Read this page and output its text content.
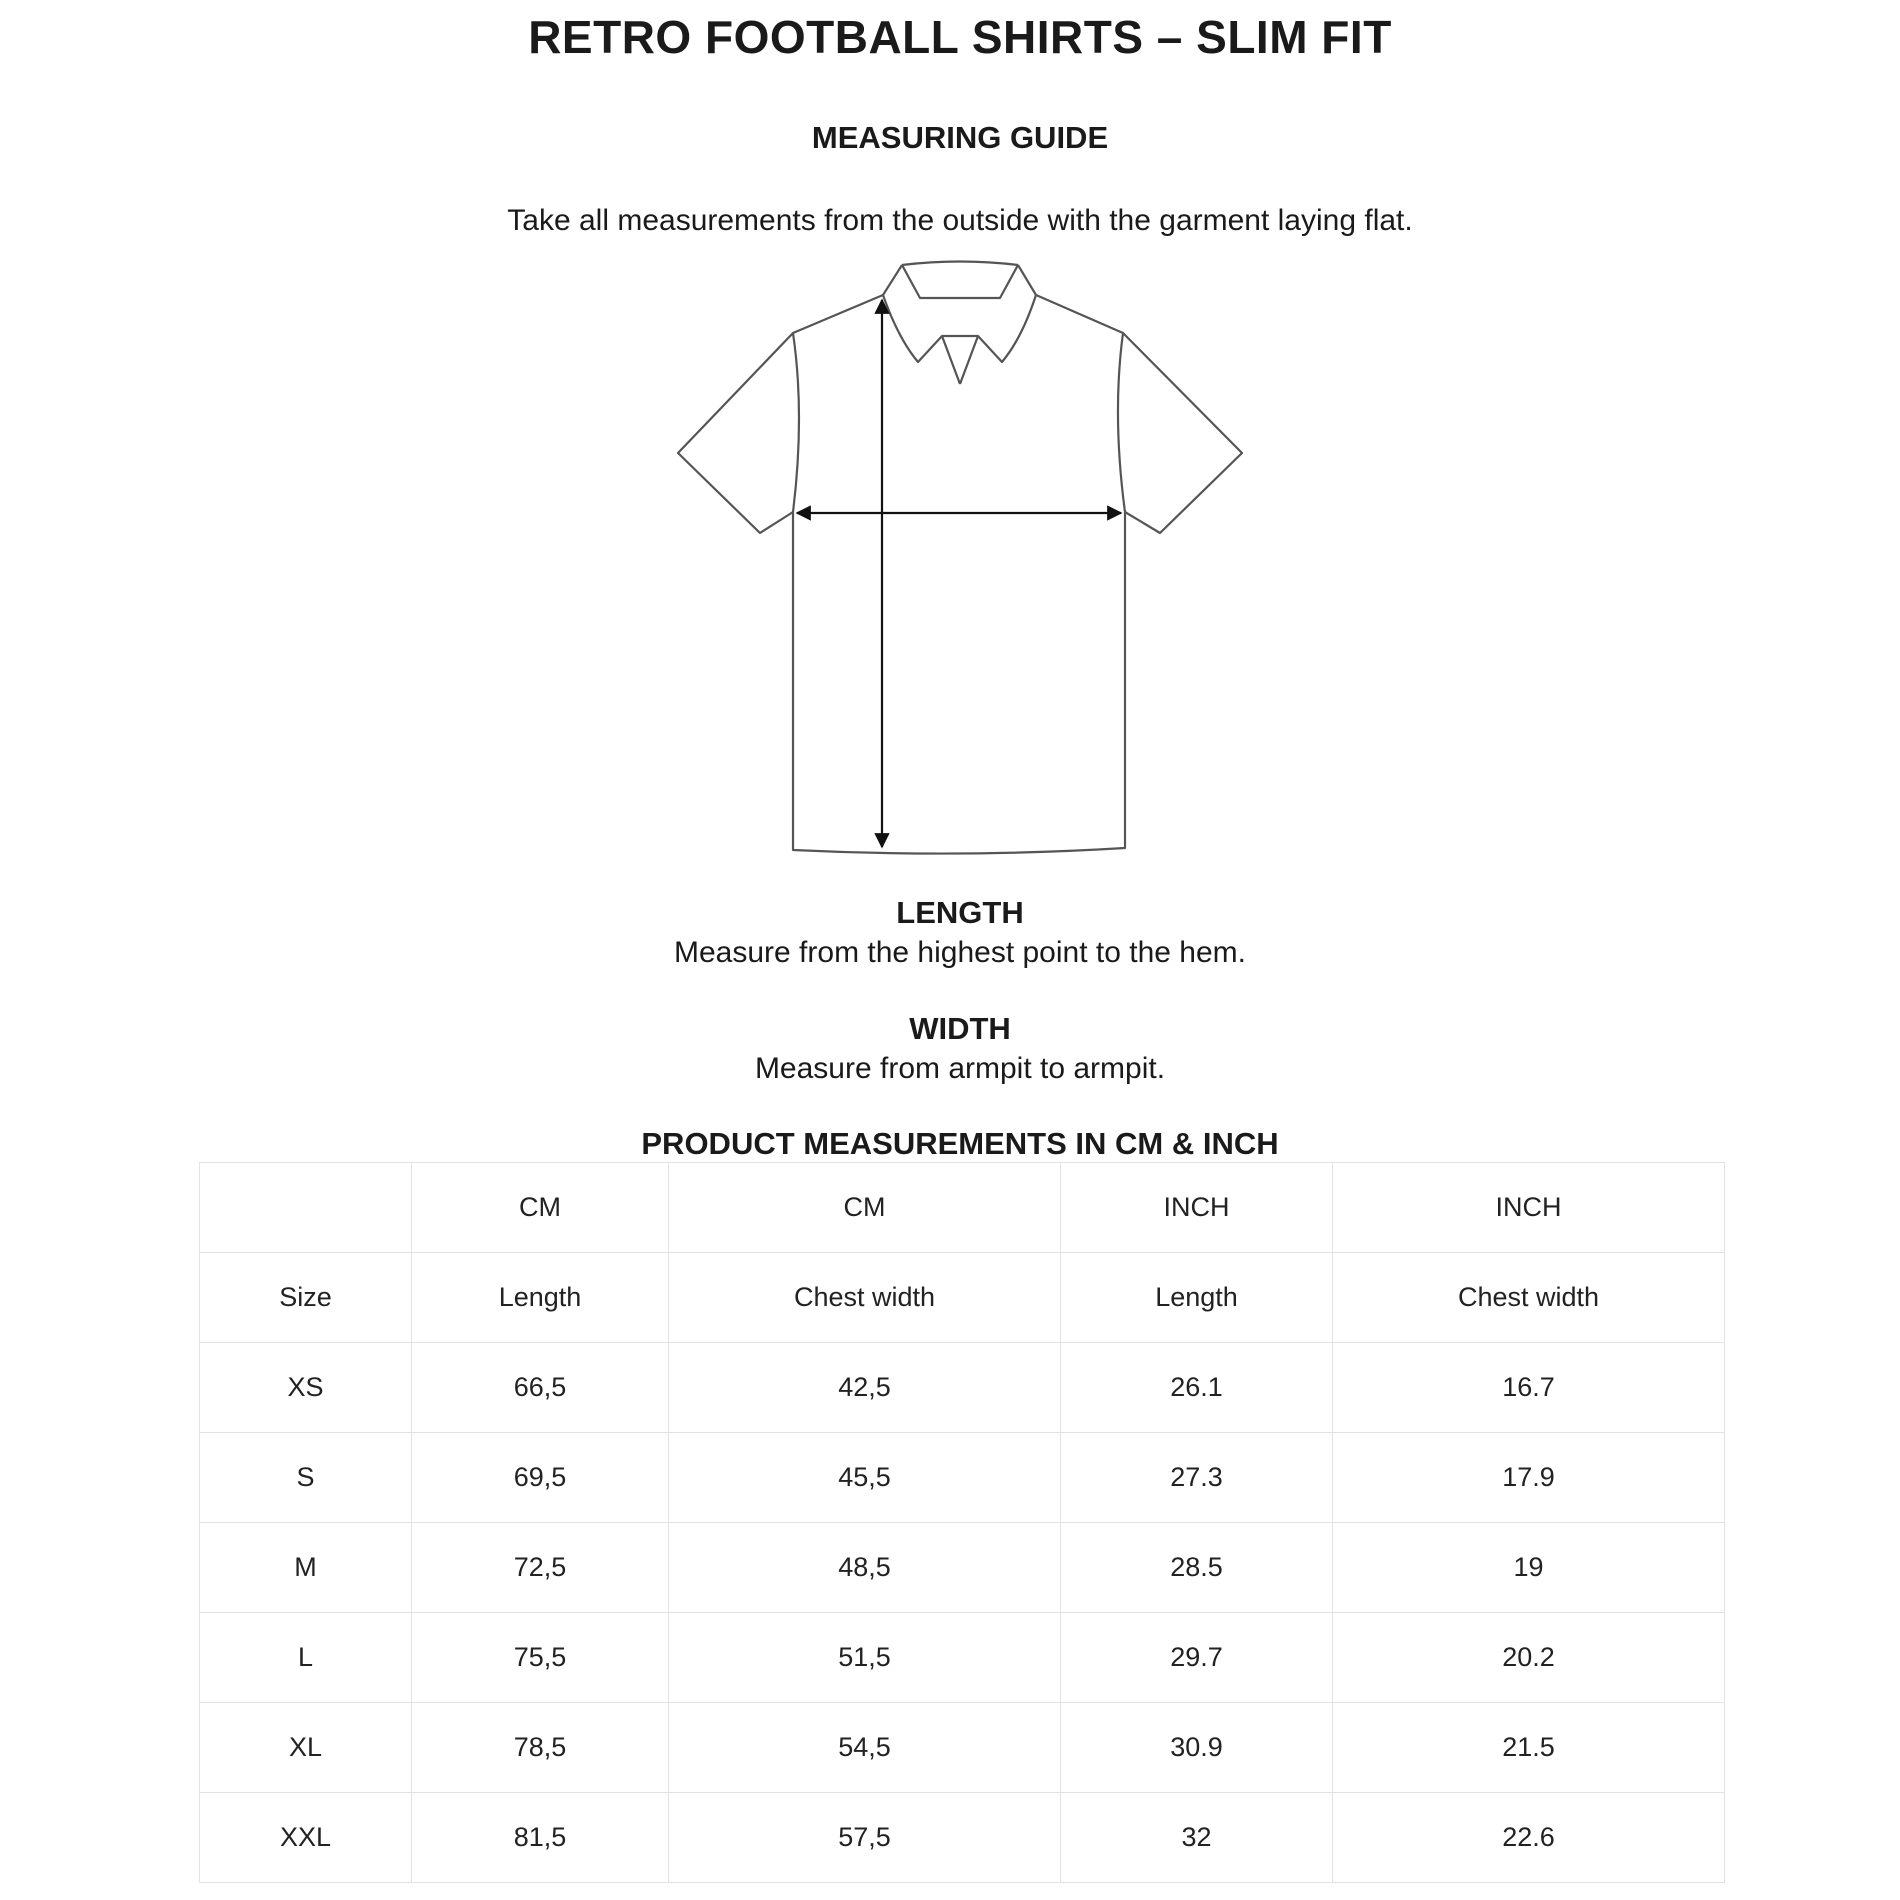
RETRO FOOTBALL SHIRTS – SLIM FIT
MEASURING GUIDE

Take all measurements from the outside with the garment laying flat.

LENGTH
Measure from the highest point to the hem.
WIDTH
Measure from armpit to armpit.
PRODUCT MEASUREMENTS IN CM & INCH
	CM	CM	INCH	INCH
Size	Length	Chest width	Length	Chest width
XS	66,5	42,5	26.1	16.7
S	69,5	45,5	27.3	17.9
M	72,5	48,5	28.5	19
L	75,5	51,5	29.7	20.2
XL	78,5	54,5	30.9	21.5
XXL	81,5	57,5	32	22.6
